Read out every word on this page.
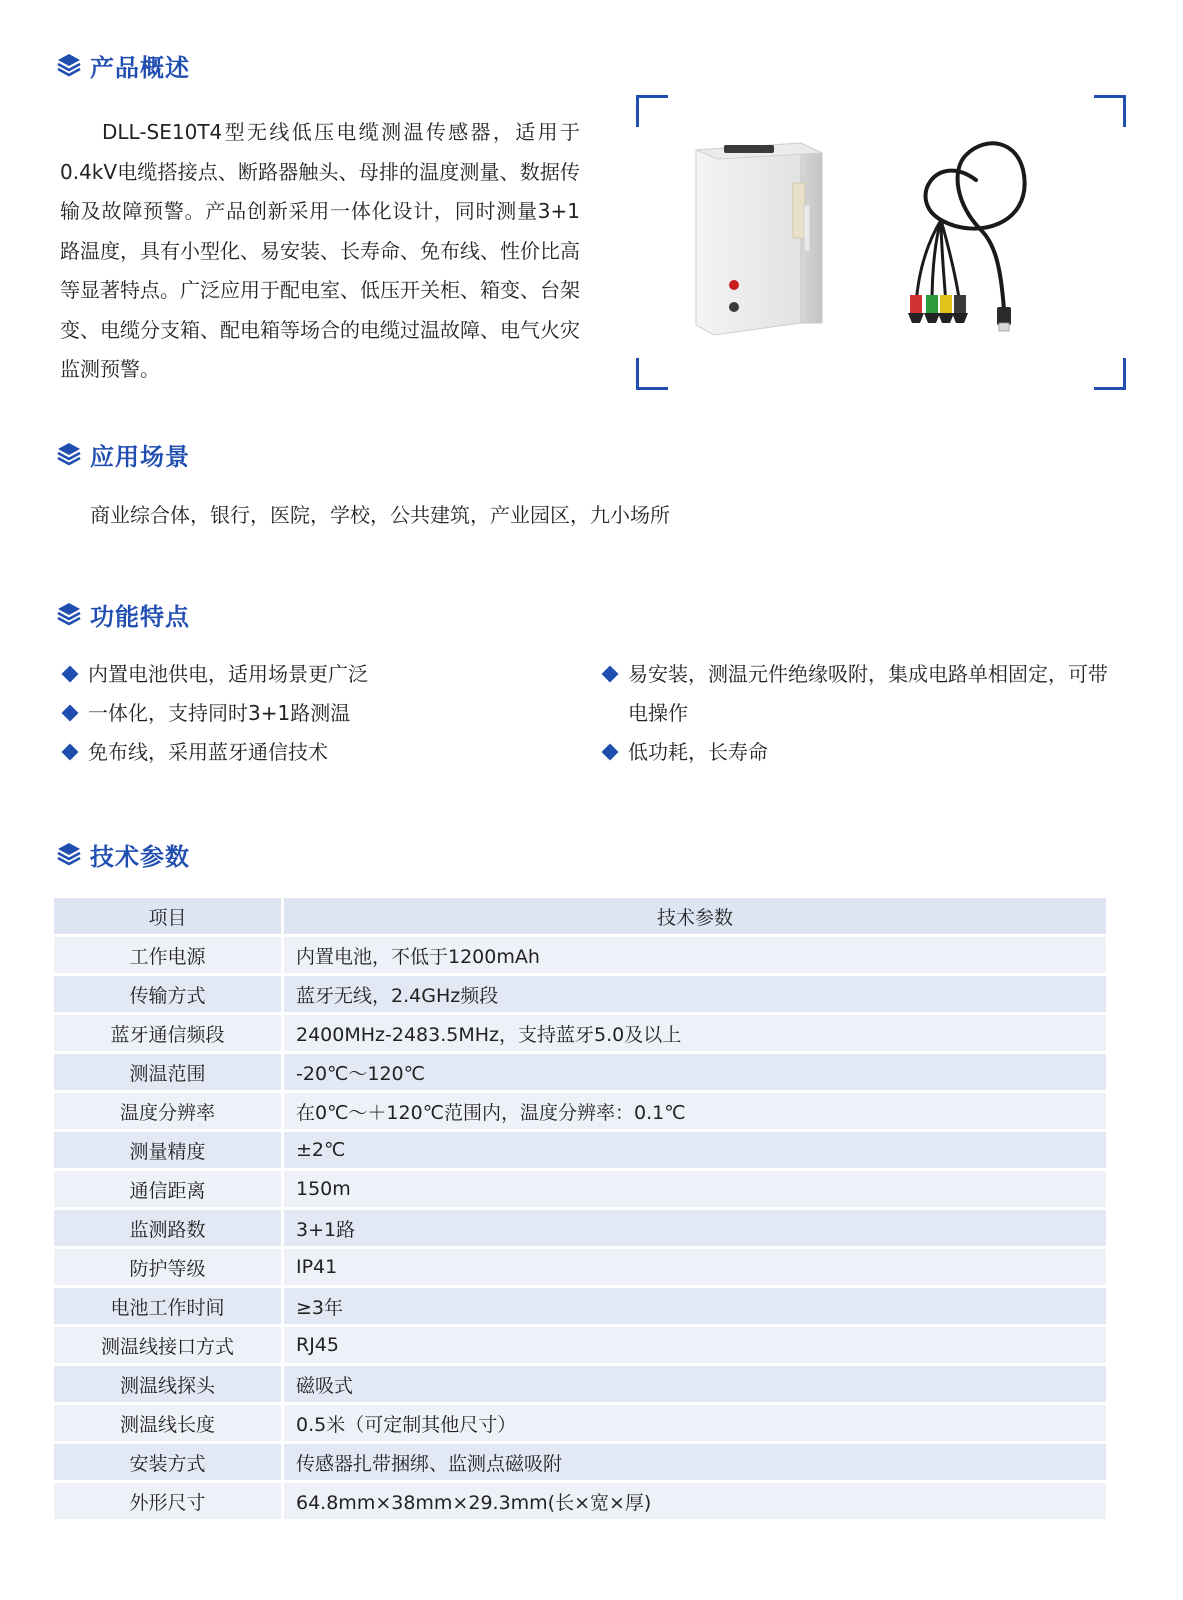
产品概述

DLL-SE10T4型无线低压电缆测温传感器，适用于0.4kV电缆搭接点、断路器触头、母排的温度测量、数据传输及故障预警。产品创新采用一体化设计，同时测量3+1路温度，具有小型化、易安装、长寿命、免布线、性价比高等显著特点。广泛应用于配电室、低压开关柜、箱变、台架变、电缆分支箱、配电箱等场合的电缆过温故障、电气火灾监测预警。

应用场景

商业综合体，银行，医院，学校，公共建筑，产业园区，九小场所

功能特点
内置电池供电，适用场景更广泛
一体化，支持同时3+1路测温
免布线，采用蓝牙通信技术
易安装，测温元件绝缘吸附，集成电路单相固定，可带电操作
低功耗，长寿命
技术参数
项目	技术参数
工作电源	内置电池，不低于1200mAh
传输方式	蓝牙无线，2.4GHz频段
蓝牙通信频段	2400MHz-2483.5MHz，支持蓝牙5.0及以上
测温范围	-20℃～120℃
温度分辨率	在0℃～＋120℃范围内，温度分辨率：0.1℃
测量精度	±2℃
通信距离	150m
监测路数	3+1路
防护等级	IP41
电池工作时间	≥3年
测温线接口方式	RJ45
测温线探头	磁吸式
测温线长度	0.5米（可定制其他尺寸）
安装方式	传感器扎带捆绑、监测点磁吸附
外形尺寸	64.8mm×38mm×29.3mm(长×宽×厚)
